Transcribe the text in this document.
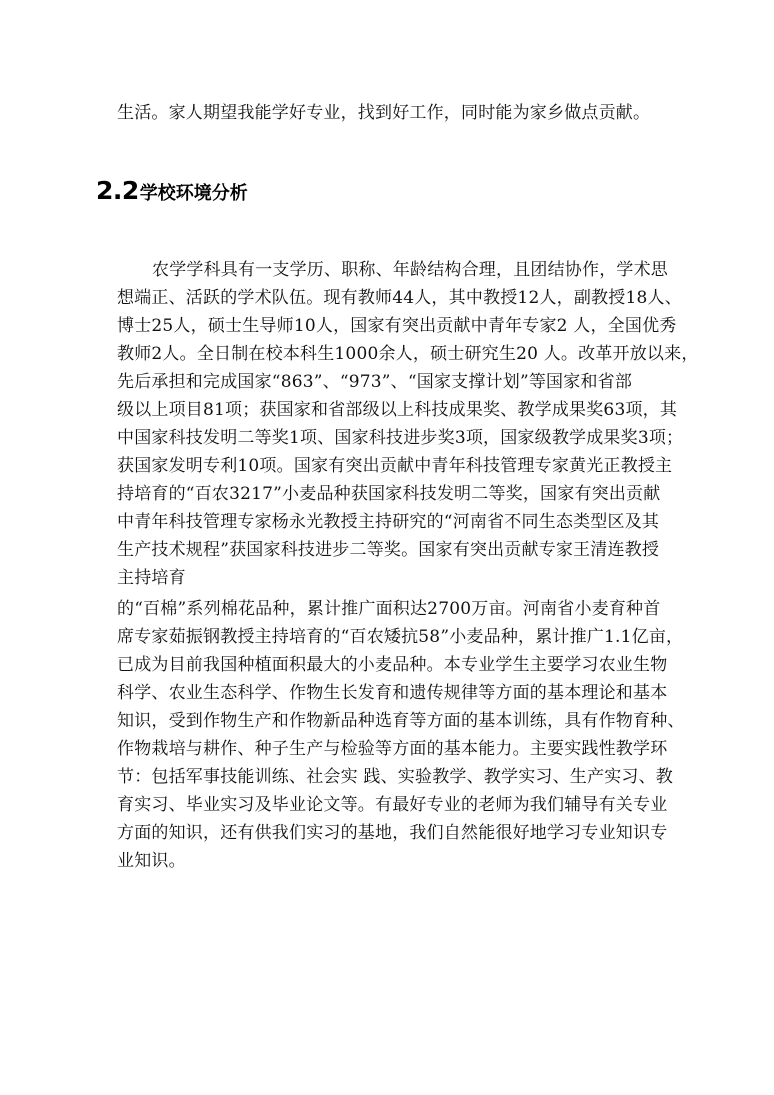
生活。家人期望我能学好专业，找到好工作，同时能为家乡做点贡献。
2.2学校环境分析
农学学科具有一支学历、职称、年龄结构合理，且团结协作，学术思
想端正、活跃的学术队伍。现有教师44人，其中教授12人，副教授18人、
博士25人，硕士生导师10人，国家有突出贡献中青年专家2 人，全国优秀
教师2人。全日制在校本科生1000余人，硕士研究生20 人。改革开放以来，
先后承担和完成国家“863”、“973”、“国家支撑计划”等国家和省部
级以上项目81项；获国家和省部级以上科技成果奖、教学成果奖63项，其
中国家科技发明二等奖1项、国家科技进步奖3项，国家级教学成果奖3项；
获国家发明专利10项。国家有突出贡献中青年科技管理专家黄光正教授主
持培育的“百农3217”小麦品种获国家科技发明二等奖，国家有突出贡献
中青年科技管理专家杨永光教授主持研究的“河南省不同生态类型区及其
生产技术规程”获国家科技进步二等奖。国家有突出贡献专家王清连教授
主持培育
的“百棉”系列棉花品种，累计推广面积达2700万亩。河南省小麦育种首
席专家茹振钢教授主持培育的“百农矮抗58”小麦品种，累计推广1.1亿亩，
已成为目前我国种植面积最大的小麦品种。本专业学生主要学习农业生物
科学、农业生态科学、作物生长发育和遗传规律等方面的基本理论和基本
知识，受到作物生产和作物新品种选育等方面的基本训练，具有作物育种、
作物栽培与耕作、种子生产与检验等方面的基本能力。主要实践性教学环
节：包括军事技能训练、社会实 践、实验教学、教学实习、生产实习、教
育实习、毕业实习及毕业论文等。有最好专业的老师为我们辅导有关专业
方面的知识，还有供我们实习的基地，我们自然能很好地学习专业知识专
业知识。
